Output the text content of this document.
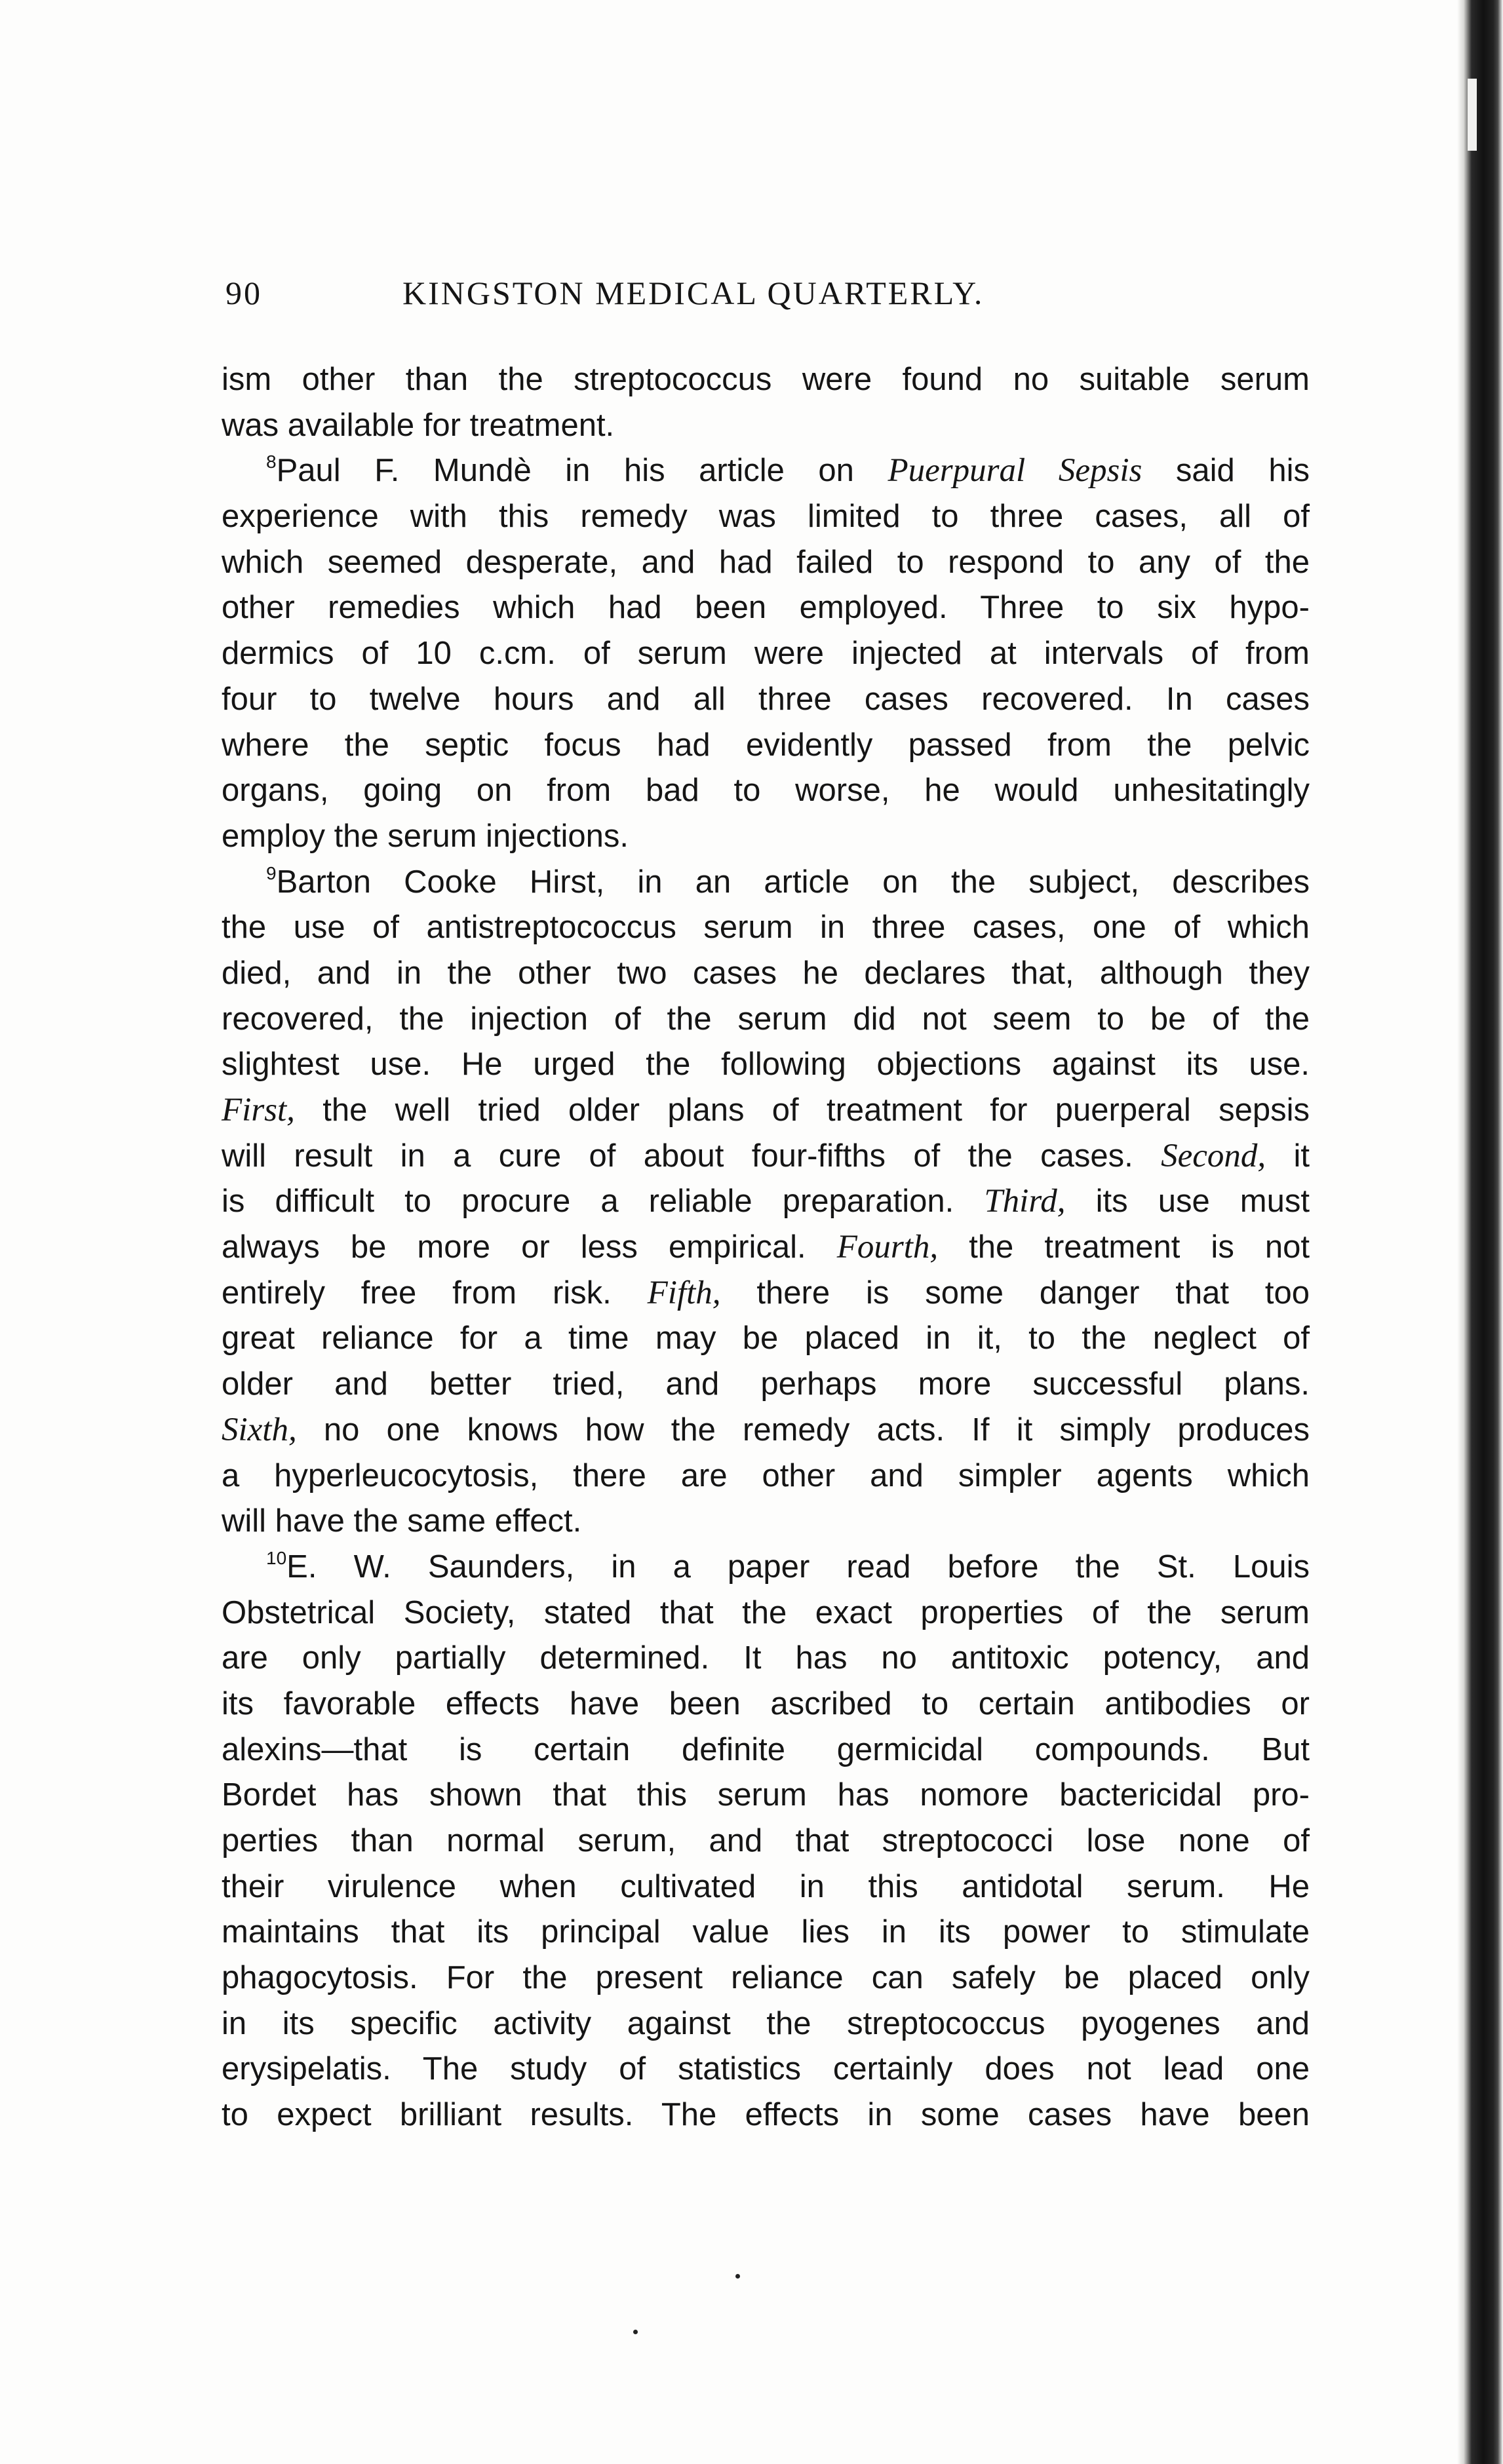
90	KINGSTON MEDICAL QUARTERLY.
ism other than the streptococcus were found no suitable serum
was available for treatment.
$^8$Paul F. Mundè in his article on Puerpural Sepsis said his
experience with this remedy was limited to three cases, all of
which seemed desperate, and had failed to respond to any of the
other remedies which had been employed. Three to six hypo-
dermics of 10 c.cm. of serum were injected at intervals of from
four to twelve hours and all three cases recovered. In cases
where the septic focus had evidently passed from the pelvic
organs, going on from bad to worse, he would unhesitatingly
employ the serum injections.
$^9$Barton Cooke Hirst, in an article on the subject, describes
the use of antistreptococcus serum in three cases, one of which
died, and in the other two cases he declares that, although they
recovered, the injection of the serum did not seem to be of the
slightest use. He urged the following objections against its use.
First, the well tried older plans of treatment for puerperal sepsis
will result in a cure of about four-fifths of the cases. Second, it
is difficult to procure a reliable preparation. Third, its use must
always be more or less empirical. Fourth, the treatment is not
entirely free from risk. Fifth, there is some danger that too
great reliance for a time may be placed in it, to the neglect of
older and better tried, and perhaps more successful plans.
Sixth, no one knows how the remedy acts. If it simply produces
a hyperleucocytosis, there are other and simpler agents which
will have the same effect.
$^{10}$E. W. Saunders, in a paper read before the St. Louis
Obstetrical Society, stated that the exact properties of the serum
are only partially determined. It has no antitoxic potency, and
its favorable effects have been ascribed to certain antibodies or
alexins—that is certain definite germicidal compounds. But
Bordet has shown that this serum has nomore bactericidal pro-
perties than normal serum, and that streptococci lose none of
their virulence when cultivated in this antidotal serum. He
maintains that its principal value lies in its power to stimulate
phagocytosis. For the present reliance can safely be placed only
in its specific activity against the streptococcus pyogenes and
erysipelatis. The study of statistics certainly does not lead one
to expect brilliant results. The effects in some cases have been
